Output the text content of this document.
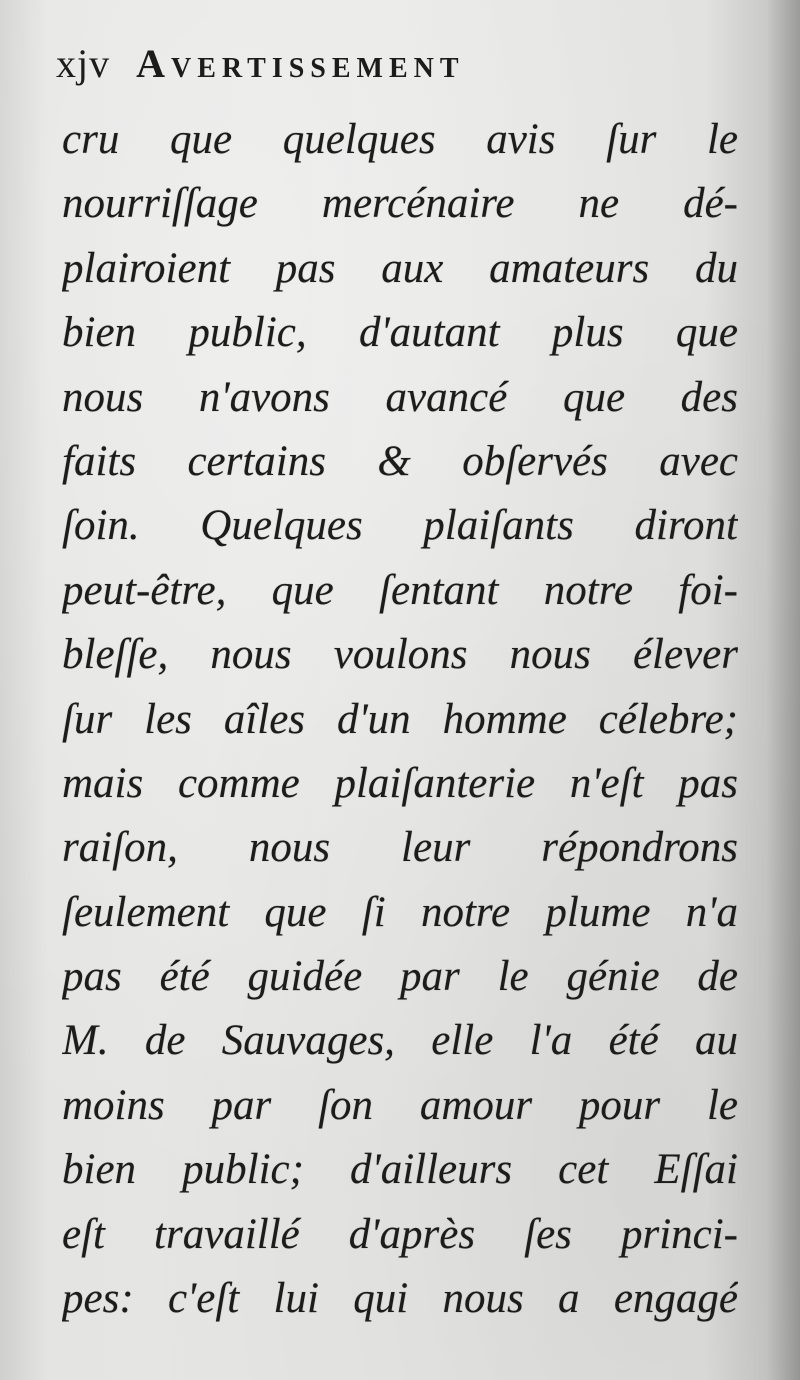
xjv Avertissement
cru que quelques avis ſur le
nourriſſage mercénaire ne dé-
plairoient pas aux amateurs du
bien public, d'autant plus que
nous n'avons avancé que des
faits certains & obſervés avec
ſoin. Quelques plaiſants diront
peut-être, que ſentant notre foi-
bleſſe, nous voulons nous élever
ſur les aîles d'un homme célebre;
mais comme plaiſanterie n'eſt pas
raiſon, nous leur répondrons
ſeulement que ſi notre plume n'a
pas été guidée par le génie de
M. de Sauvages, elle l'a été au
moins par ſon amour pour le
bien public; d'ailleurs cet Eſſai
eſt travaillé d'après ſes princi-
pes: c'eſt lui qui nous a engagé
